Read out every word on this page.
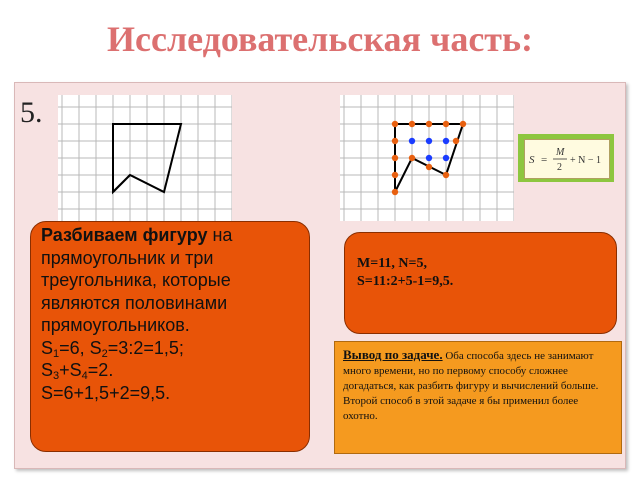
Исследовательская часть:
5.
S =
M
2
+ N − 1
Разбиваем фигуру на прямоугольник и три треугольника, которые являются половинами прямоугольников.
$S_1=6$, $S_2=3:2=1,5$;
$S_3+S_4=2$.
S=6+1,5+2=9,5.
M=11, N=5,
S=11:2+5-1=9,5.
Вывод по задаче. Оба способа здесь не занимают много времени, но по первому способу сложнее догадаться, как разбить фигуру и вычислений больше. Второй способ в этой задаче я бы применил более охотно.
